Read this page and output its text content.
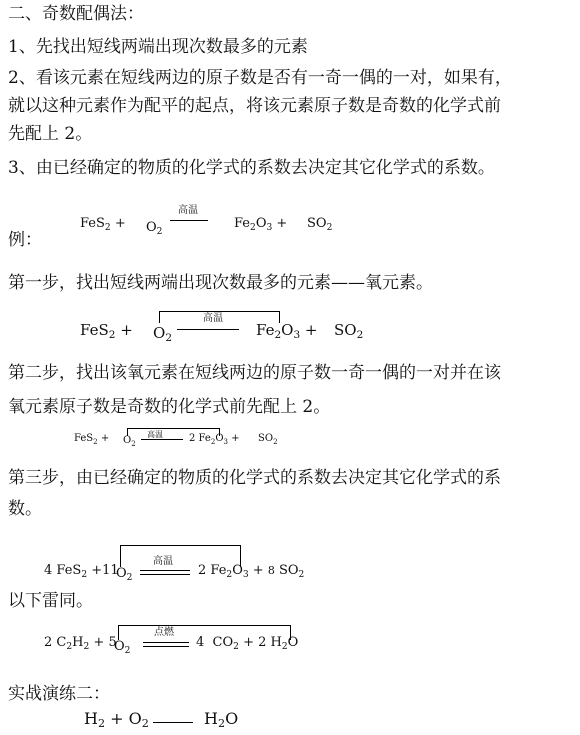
二、奇数配偶法：
1、先找出短线两端出现次数最多的元素
2、看该元素在短线两边的原子数是否有一奇一偶的一对，如果有，
就以这种元素作为配平的起点，将该元素原子数是奇数的化学式前
先配上 2。
3、由已经确定的物质的化学式的系数去决定其它化学式的系数。
例：
$FeS_2 + O_2$
高温
$Fe_2O_3 + SO_2$
第一步，找出短线两端出现次数最多的元素——氧元素。
$FeS_2 + O_2$
高温
$Fe_2O_3 + SO_2$
第二步，找出该氧元素在短线两边的原子数一奇一偶的一对并在该
氧元素原子数是奇数的化学式前先配上 2。
$FeS_2 + O_2$
高温	2 $Fe_2O_3 + SO_2$
第三步，由已经确定的物质的化学式的系数去决定其它化学式的系
数。
4 FeS$_2$ +11
$O_2$
高温
2 $Fe_2O_3 + 8$ $SO_2$
以下雷同。
2 $C_2H_2 + 5$
$O_2$
点燃
4  $CO_2 + 2$ $H_2O$
实战演练二：
$H_2 + O_2$	$H_2O$
